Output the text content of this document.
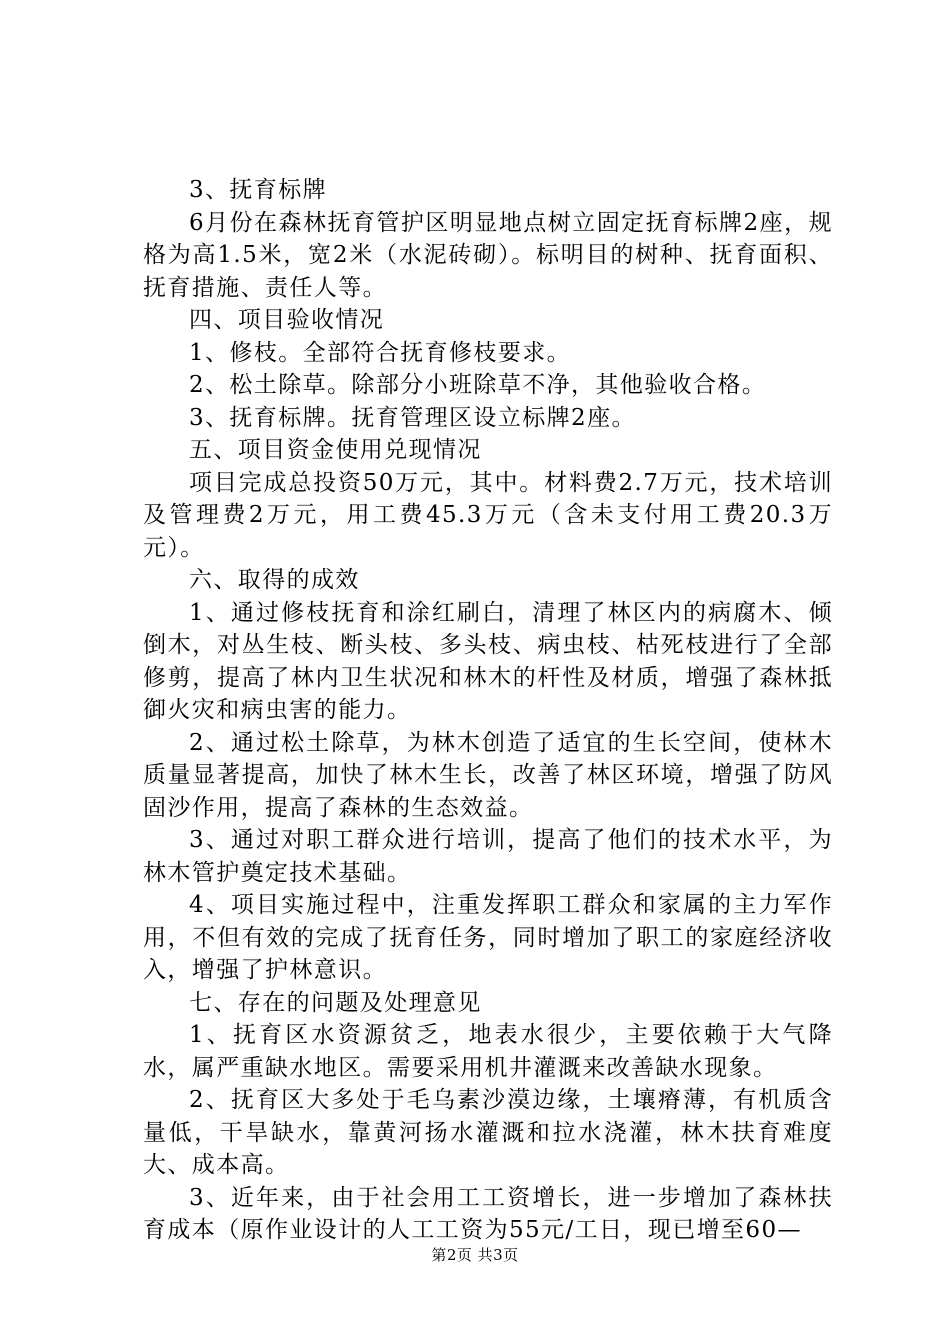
3、抚育标牌

6月份在森林抚育管护区明显地点树立固定抚育标牌2座，规格为高1.5米，宽2米（水泥砖砌）。标明目的树种、抚育面积、抚育措施、责任人等。

四、项目验收情况

1、修枝。全部符合抚育修枝要求。

2、松土除草。除部分小班除草不净，其他验收合格。

3、抚育标牌。抚育管理区设立标牌2座。

五、项目资金使用兑现情况

项目完成总投资50万元，其中。材料费2.7万元，技术培训及管理费2万元，用工费45.3万元（含未支付用工费20.3万元）。

六、取得的成效

1、通过修枝抚育和涂红刷白，清理了林区内的病腐木、倾倒木，对丛生枝、断头枝、多头枝、病虫枝、枯死枝进行了全部修剪，提高了林内卫生状况和林木的杆性及材质，增强了森林抵御火灾和病虫害的能力。

2、通过松土除草，为林木创造了适宜的生长空间，使林木质量显著提高，加快了林木生长，改善了林区环境，增强了防风固沙作用，提高了森林的生态效益。

3、通过对职工群众进行培训，提高了他们的技术水平，为林木管护奠定技术基础。

4、项目实施过程中，注重发挥职工群众和家属的主力军作用，不但有效的完成了抚育任务，同时增加了职工的家庭经济收入，增强了护林意识。

七、存在的问题及处理意见

1、抚育区水资源贫乏，地表水很少，主要依赖于大气降水，属严重缺水地区。需要采用机井灌溉来改善缺水现象。

2、抚育区大多处于毛乌素沙漠边缘，土壤瘠薄，有机质含量低，干旱缺水，靠黄河扬水灌溉和拉水浇灌，林木扶育难度大、成本高。

3、近年来，由于社会用工工资增长，进一步增加了森林扶育成本（原作业设计的人工工资为55元/工日，现已增至60—

第2页 共3页
